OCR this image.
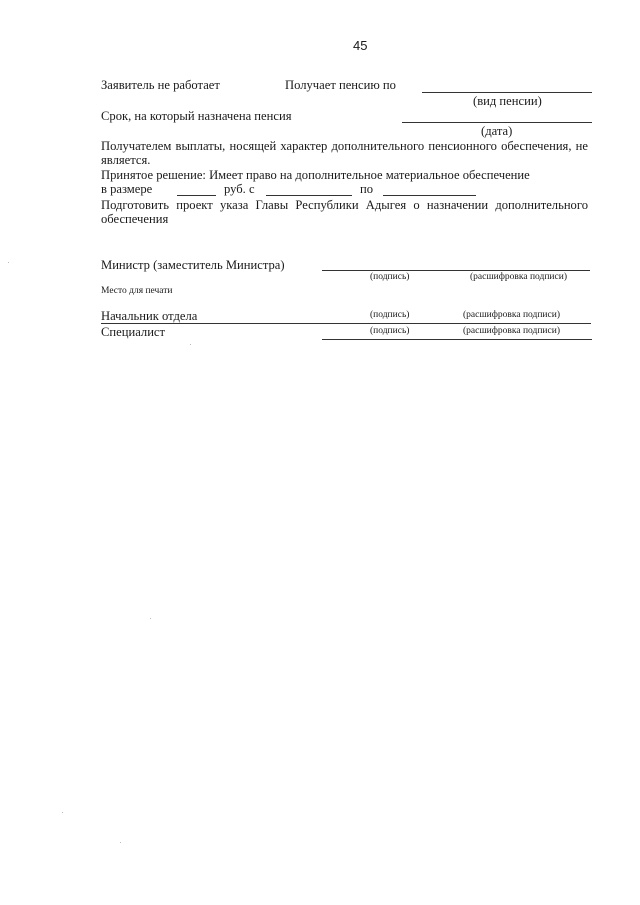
45
Заявитель не работает	Получает пенсию по
(вид пенсии)
Срок, на который назначена пенсия
(дата)
Получателем выплаты, носящей характер дополнительного пенсионного обеспечения, не является.
Принятое решение: Имеет право на дополнительное материальное обеспечение
в размере	руб. с	по
Подготовить проект указа Главы Республики Адыгея о назначении дополнительного обеспечения
Министр (заместитель Министра)
(подпись)	(расшифровка подписи)
Место для печати
Начальник отдела	(подпись)	(расшифровка подписи)
Специалист	(подпись)	(расшифровка подписи)
